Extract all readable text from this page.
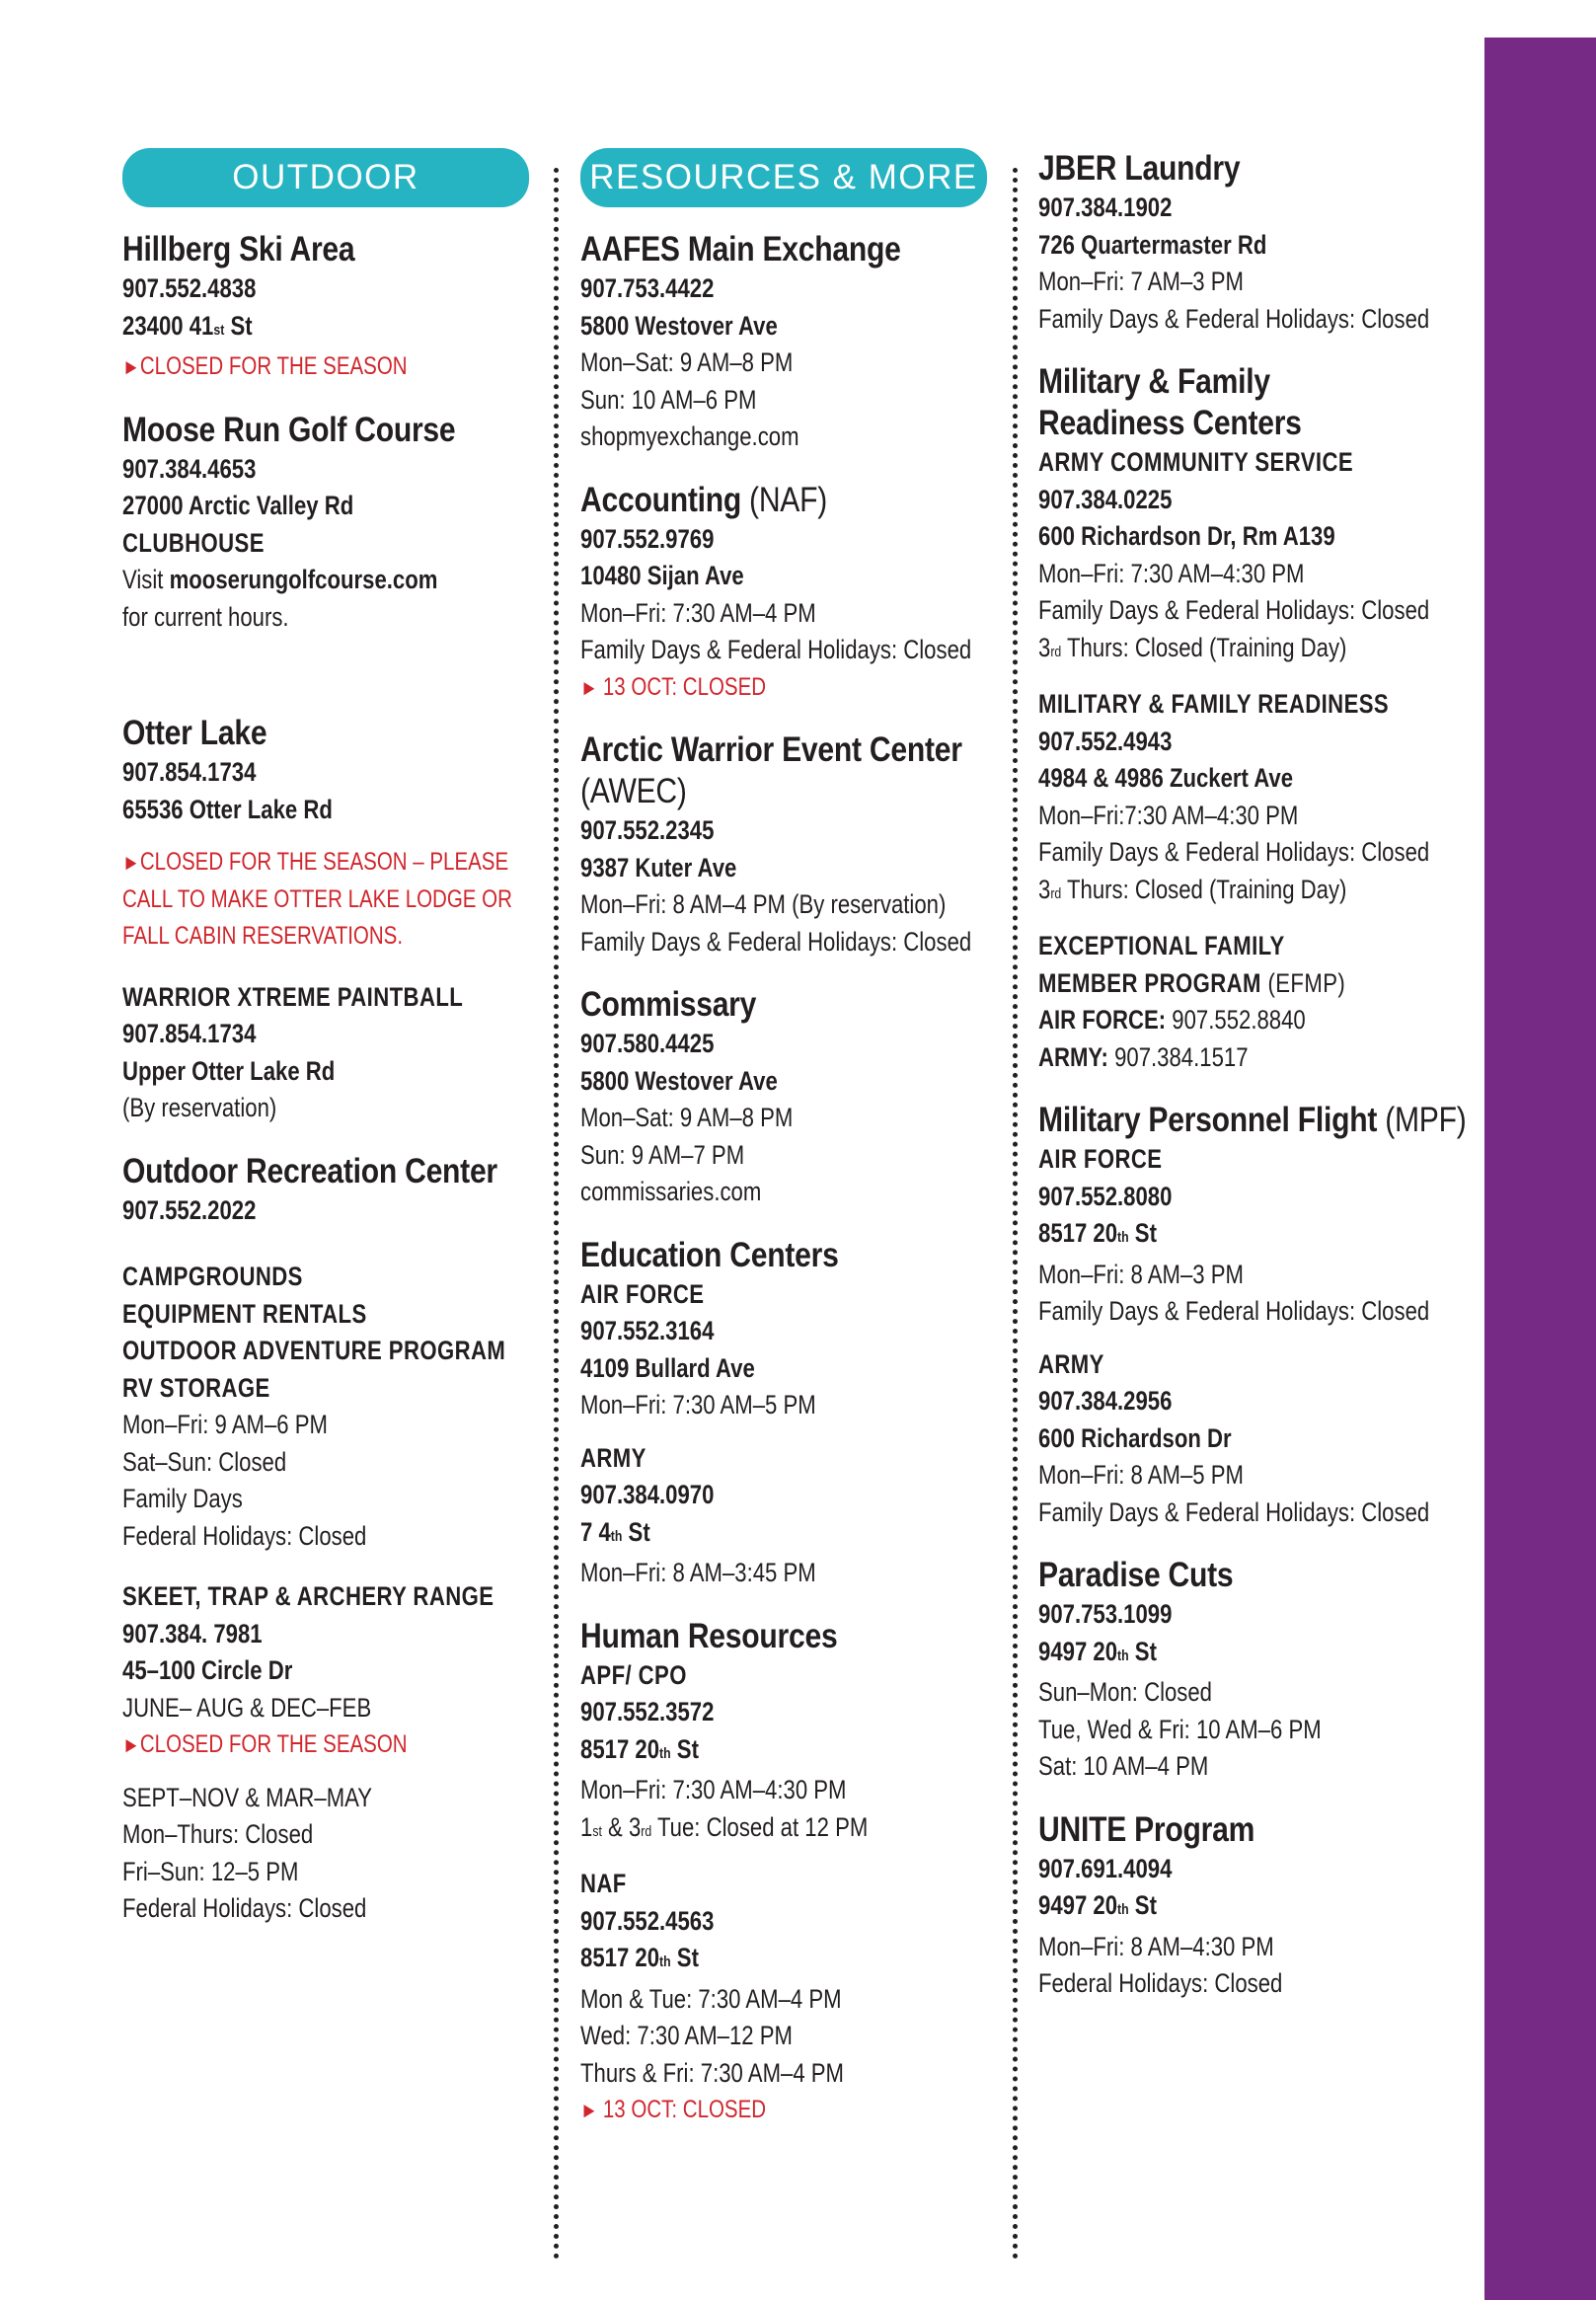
OUTDOOR
Hillberg Ski Area
907.552.4838
23400 41st St
►CLOSED FOR THE SEASON
Moose Run Golf Course
907.384.4653
27000 Arctic Valley Rd
CLUBHOUSE
Visit mooserungolfcourse.com
for current hours.
Otter Lake
907.854.1734
65536 Otter Lake Rd
►CLOSED FOR THE SEASON – PLEASE
CALL TO MAKE OTTER LAKE LODGE OR
FALL CABIN RESERVATIONS.
WARRIOR XTREME PAINTBALL
907.854.1734
Upper Otter Lake Rd
(By reservation)
Outdoor Recreation Center
907.552.2022
CAMPGROUNDS
EQUIPMENT RENTALS
OUTDOOR ADVENTURE PROGRAM
RV STORAGE
Mon–Fri: 9 AM–6 PM
Sat–Sun: Closed
Family Days
Federal Holidays: Closed
SKEET, TRAP & ARCHERY RANGE
907.384. 7981
45–100 Circle Dr
JUNE– AUG & DEC–FEB
►CLOSED FOR THE SEASON
SEPT–NOV & MAR–MAY
Mon–Thurs: Closed
Fri–Sun: 12–5 PM
Federal Holidays: Closed
RESOURCES & MORE
AAFES Main Exchange
907.753.4422
5800 Westover Ave
Mon–Sat: 9 AM–8 PM
Sun: 10 AM–6 PM
shopmyexchange.com
Accounting (NAF)
907.552.9769
10480 Sijan Ave
Mon–Fri: 7:30 AM–4 PM
Family Days & Federal Holidays: Closed
► 13 OCT: CLOSED
Arctic Warrior Event Center
(AWEC)
907.552.2345
9387 Kuter Ave
Mon–Fri: 8 AM–4 PM (By reservation)
Family Days & Federal Holidays: Closed
Commissary
907.580.4425
5800 Westover Ave
Mon–Sat: 9 AM–8 PM
Sun: 9 AM–7 PM
commissaries.com
Education Centers
AIR FORCE
907.552.3164
4109 Bullard Ave
Mon–Fri: 7:30 AM–5 PM
ARMY
907.384.0970
7 4th St
Mon–Fri: 8 AM–3:45 PM
Human Resources
APF/ CPO
907.552.3572
8517 20th St
Mon–Fri: 7:30 AM–4:30 PM
1st & 3rd Tue: Closed at 12 PM
NAF
907.552.4563
8517 20th St
Mon & Tue: 7:30 AM–4 PM
Wed: 7:30 AM–12 PM
Thurs & Fri: 7:30 AM–4 PM
► 13 OCT: CLOSED
JBER Laundry
907.384.1902
726 Quartermaster Rd
Mon–Fri: 7 AM–3 PM
Family Days & Federal Holidays: Closed
Military & Family
Readiness Centers
ARMY COMMUNITY SERVICE
907.384.0225
600 Richardson Dr, Rm A139
Mon–Fri: 7:30 AM–4:30 PM
Family Days & Federal Holidays: Closed
3rd Thurs: Closed (Training Day)
MILITARY & FAMILY READINESS
907.552.4943
4984 & 4986 Zuckert Ave
Mon–Fri:7:30 AM–4:30 PM
Family Days & Federal Holidays: Closed
3rd Thurs: Closed (Training Day)
EXCEPTIONAL FAMILY
MEMBER PROGRAM (EFMP)
AIR FORCE: 907.552.8840
ARMY: 907.384.1517
Military Personnel Flight (MPF)
AIR FORCE
907.552.8080
8517 20th St
Mon–Fri: 8 AM–3 PM
Family Days & Federal Holidays: Closed
ARMY
907.384.2956
600 Richardson Dr
Mon–Fri: 8 AM–5 PM
Family Days & Federal Holidays: Closed
Paradise Cuts
907.753.1099
9497 20th St
Sun–Mon: Closed
Tue, Wed & Fri: 10 AM–6 PM
Sat: 10 AM–4 PM
UNITE Program
907.691.4094
9497 20th St
Mon–Fri: 8 AM–4:30 PM
Federal Holidays: Closed
